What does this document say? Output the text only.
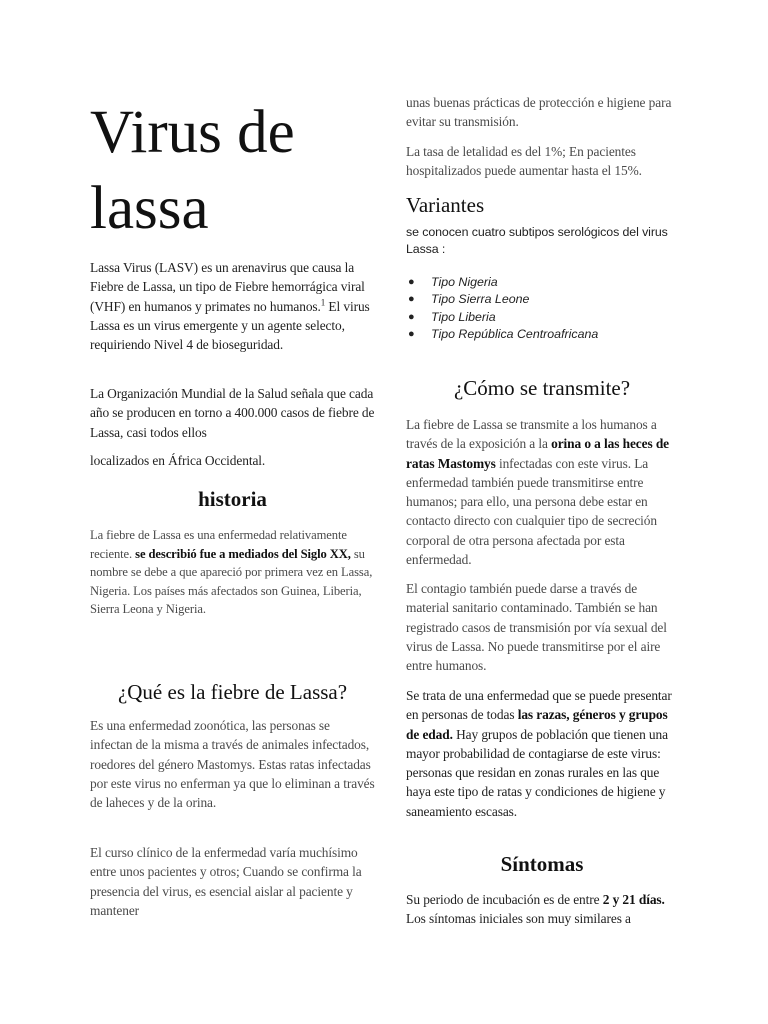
Virus de
lassa

Lassa Virus (LASV) es un arenavirus que causa la Fiebre de Lassa, un tipo de Fiebre hemorrágica viral (VHF) en humanos y primates no humanos.$^1$ El virus Lassa es un virus emergente y un agente selecto, requiriendo Nivel 4 de bioseguridad.

La Organización Mundial de la Salud señala que cada año se producen en torno a 400.000 casos de fiebre de Lassa, casi todos ellos

localizados en África Occidental.

historia

La fiebre de Lassa es una enfermedad relativamente reciente. se describió fue a mediados del Siglo XX, su nombre se debe a que apareció por primera vez en Lassa, Nigeria. Los países más afectados son Guinea, Liberia, Sierra Leona y Nigeria.

¿Qué es la fiebre de Lassa?

Es una enfermedad zoonótica, las personas se infectan de la misma a través de animales infectados, roedores del género Mastomys. Estas ratas infectadas por este virus no enferman ya que lo eliminan a través de laheces y de la orina.

El curso clínico de la enfermedad varía muchísimo entre unos pacientes y otros; Cuando se confirma la presencia del virus, es esencial aislar al paciente y mantener

unas buenas prácticas de protección e higiene para evitar su transmisión.

La tasa de letalidad es del 1%; En pacientes hospitalizados puede aumentar hasta el 15%.

Variantes

se conocen cuatro subtipos serológicos del virus Lassa :

● Tipo Nigeria
● Tipo Sierra Leone
● Tipo Liberia
● Tipo República Centroafricana
¿Cómo se transmite?

La fiebre de Lassa se transmite a los humanos a través de la exposición a la orina o a las heces de ratas Mastomys infectadas con este virus. La enfermedad también puede transmitirse entre humanos; para ello, una persona debe estar en contacto directo con cualquier tipo de secreción corporal de otra persona afectada por esta enfermedad.

El contagio también puede darse a través de material sanitario contaminado. También se han registrado casos de transmisión por vía sexual del virus de Lassa. No puede transmitirse por el aire entre humanos.

Se trata de una enfermedad que se puede presentar en personas de todas las razas, géneros y grupos de edad. Hay grupos de población que tienen una mayor probabilidad de contagiarse de este virus: personas que residan en zonas rurales en las que haya este tipo de ratas y condiciones de higiene y saneamiento escasas.

Síntomas

Su periodo de incubación es de entre 2 y 21 días. Los síntomas iniciales son muy similares a
